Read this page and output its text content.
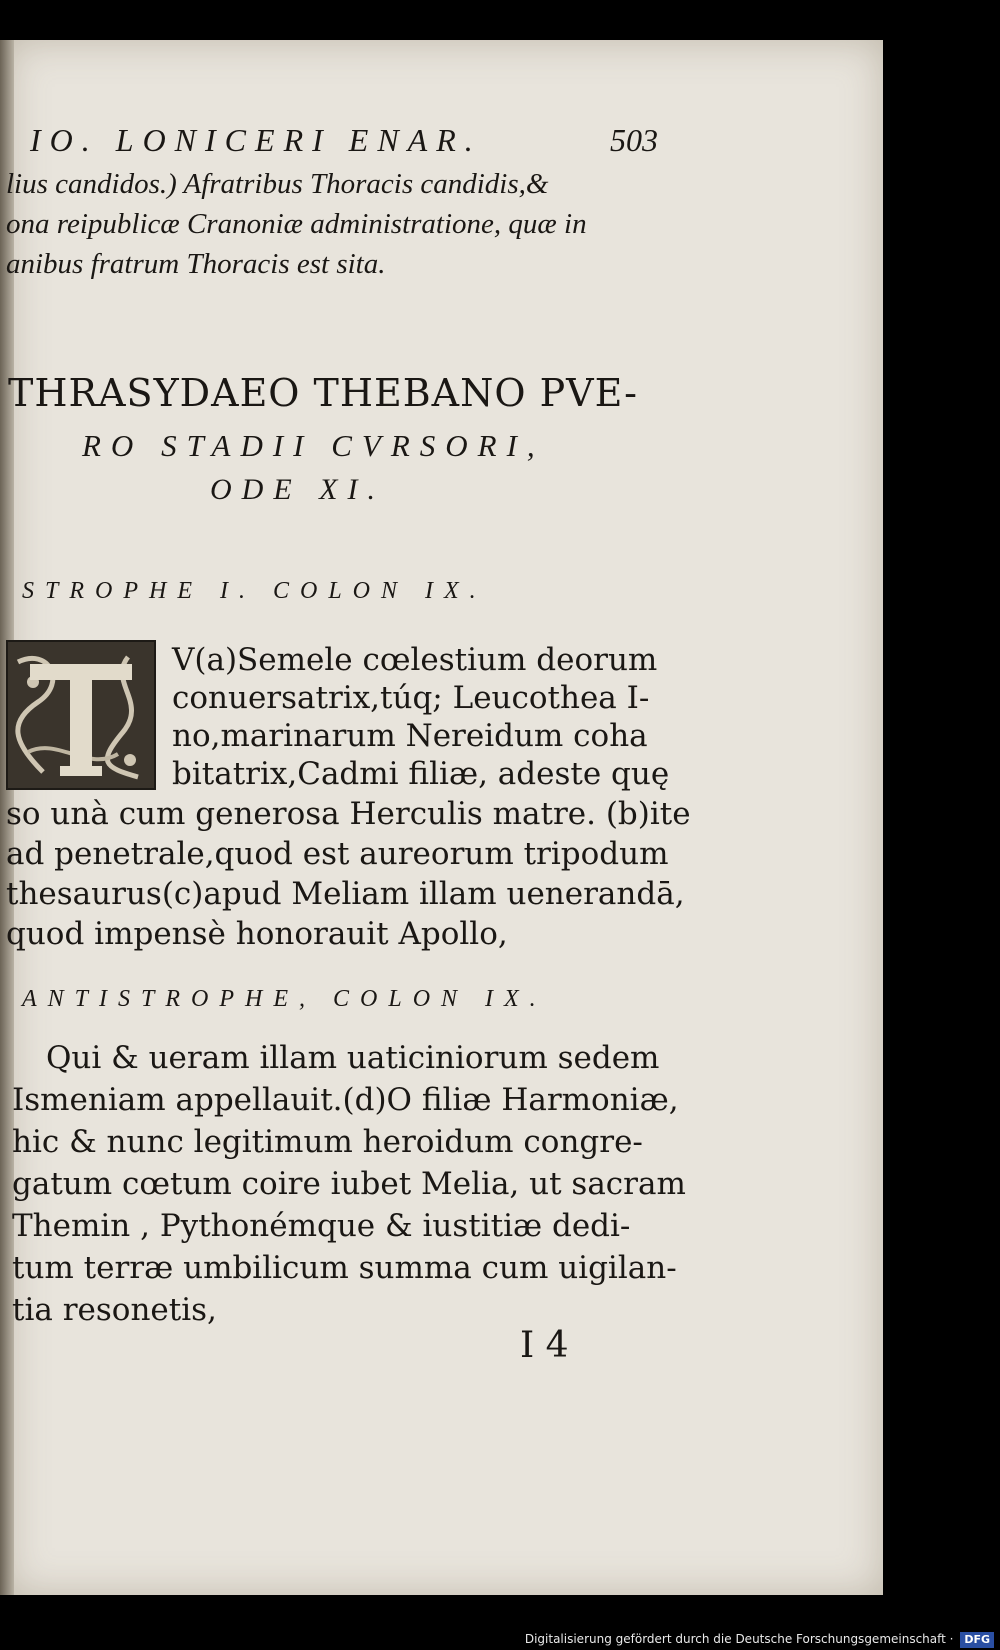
IO. LONICERI ENAR.	503
lius candidos.) Afratribus Thoracis candidis,&
ona reipublicæ Cranoniæ administratione, quæ in
anibus fratrum Thoracis est sita.
THRASYDAEO THEBANO PVE-
RO STADII CVRSORI,
ODE XI.
STROPHE I. COLON IX.
V(a)Semele cœlestium deorum
conuersatrix,túq; Leucothea I-
no,marinarum Nereidum coha
bitatrix,Cadmi filiæ, adeste quę
so unà cum generosa Herculis matre. (b)ite
ad penetrale,quod est aureorum tripodum
thesaurus(c)apud Meliam illam uenerandā,
quod impensè honorauit Apollo,
ANTISTROPHE, COLON IX.
Qui & ueram illam uaticiniorum sedem
Ismeniam appellauit.(d)O filiæ Harmoniæ,
hic & nunc legitimum heroidum congre-
gatum cœtum coire iubet Melia, ut sacram
Themin , Pythonémque & iustitiæ dedi-
tum terræ umbilicum summa cum uigilan-
tia resonetis,
I 4
Digitalisierung gefördert durch die Deutsche Forschungsgemeinschaft · DFG
